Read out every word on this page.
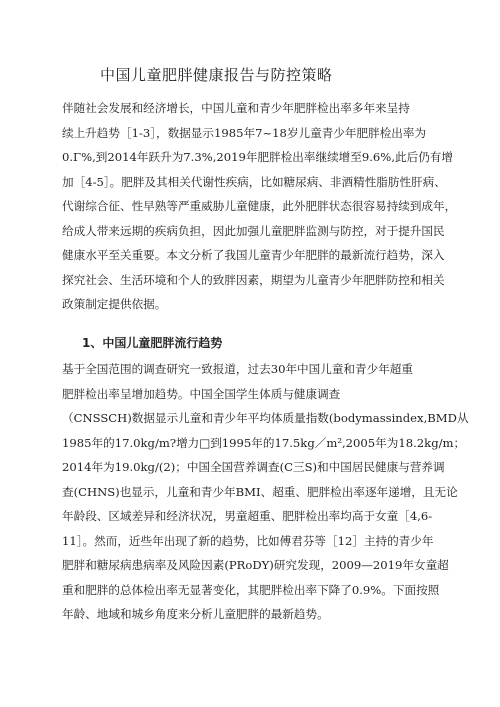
中国儿童肥胖健康报告与防控策略
伴随社会发展和经济增长，中国儿童和青少年肥胖检出率多年来呈持
续上升趋势［1-3］，数据显示1985年7~18岁儿童青少年肥胖检出率为
0.Γ%,到2014年跃升为7.3%,2019年肥胖检出率继续增至9.6%,此后仍有增
加［4-5］。肥胖及其相关代谢性疾病，比如糖尿病、非酒精性脂肪性肝病、
代谢综合征、性早熟等严重威胁儿童健康，此外肥胖状态很容易持续到成年，
给成人带来远期的疾病负担，因此加强儿童肥胖监测与防控，对于提升国民
健康水平至关重要。本文分析了我国儿童青少年肥胖的最新流行趋势，深入
探究社会、生活环境和个人的致胖因素，期望为儿童青少年肥胖防控和相关
政策制定提供依据。
1、中国儿童肥胖流行趋势
基于全国范围的调查研究一致报道，过去30年中国儿童和青少年超重
肥胖检出率呈增加趋势。中国全国学生体质与健康调查
（CNSSCH)数据显示儿童和青少年平均体质量指数(bodymassindex,BMD从
1985年的17.0kg/m?增力□到1995年的17.5kg／m²,2005年为18.2kg/m；
2014年为19.0kg/(2)；中国全国营养调查(C三S)和中国居民健康与营养调
查(CHNS)也显示，儿童和青少年BMI、超重、肥胖检出率逐年递增，且无论
年龄段、区域差异和经济状况，男童超重、肥胖检出率均高于女童［4,6-
11］。然而，近些年出现了新的趋势，比如傅君芬等［12］主持的青少年
肥胖和糖尿病患病率及风险因素(PRoDY)研究发现，2009—2019年女童超
重和肥胖的总体检出率无显著变化，其肥胖检出率下降了0.9%。下面按照
年龄、地域和城乡角度来分析儿童肥胖的最新趋势。
